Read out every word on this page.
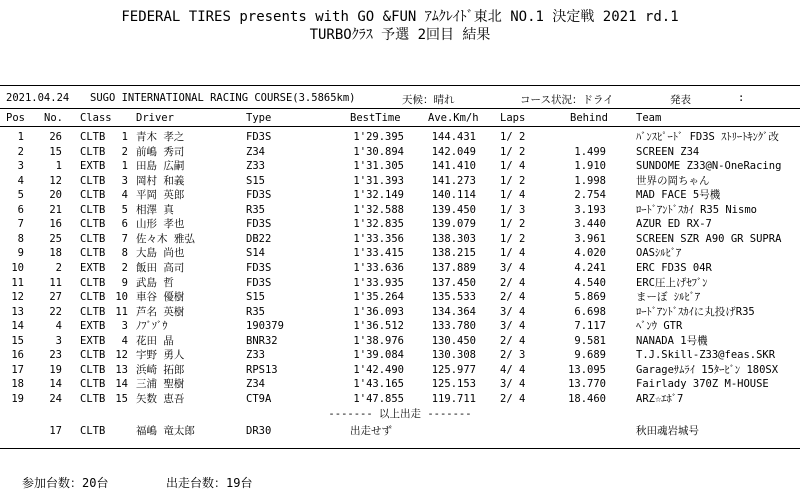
FEDERAL TIRES presents with GO &FUN ｱﾑｸﾚｲﾄﾞ東北 NO.1 決定戦 2021 rd.1
TURBOｸﾗｽ 予選 2回目 結果
2021.04.24 SUGO INTERNATIONAL RACING COURSE(3.5865km)	天候：晴れ	コース状況：ドライ	発表	:
Pos No. Class Driver	Type	BestTime	Ave.Km/h Laps	Behind	Team
1	26 CLTB	1 青木 孝之	FD3S	1'29.395	144.431 1/ 2	ﾊﾞﾝｽﾋﾟｰﾄﾞ FD3S ｽﾄﾘｰﾄｷﾝｸﾞ改
2	15 CLTB	2 前嶋 秀司	Z34	1'30.894	142.049 1/ 2	1.499	SCREEN Z34
3	1 EXTB	1 田島 広嗣	Z33	1'31.305	141.410 1/ 4	1.910	SUNDOME Z33@N-OneRacing
4	12 CLTB	3 岡村 和義	S15	1'31.393	141.273 1/ 2	1.998	世界の岡ちゃん
5	20 CLTB	4 平岡 英郎	FD3S	1'32.149	140.114 1/ 4	2.754	MAD FACE 5号機
6	21 CLTB	5 相澤 真	R35	1'32.588	139.450 1/ 3	3.193	ﾛｰﾄﾞｱﾝﾄﾞｽｶｲ R35 Nismo
7	16 CLTB	6 山形 孝也	FD3S	1'32.835	139.079 1/ 2	3.440	AZUR ED RX-7
8	25 CLTB	7 佐々木 雅弘	DB22	1'33.356	138.303 1/ 2	3.961	SCREEN SZR A90 GR SUPRA
9	18 CLTB	8 大島 尚也	S14	1'33.415	138.215 1/ 4	4.020	OASｼﾙﾋﾞｱ
10	2 EXTB	2 飯田 高司	FD3S	1'33.636	137.889 3/ 4	4.241	ERC FD3S 04R
11	11 CLTB	9 武島 哲	FD3S	1'33.935	137.450 2/ 4	4.540	ERC圧上げｾﾌﾞﾝ
12	27 CLTB 10 車谷 優樹	S15	1'35.264	135.533 2/ 4	5.869	まーぼ ｼﾙﾋﾞｱ
13	22 CLTB 11 芦名 英樹	R35	1'36.093	134.364 3/ 4	6.698	ﾛｰﾄﾞｱﾝﾄﾞｽｶｲに丸投げR35
14	4 EXTB	3 ﾉﾌﾞｿﾞｳ	190379	1'36.512	133.780 3/ 4	7.117	ﾍﾞﾝｳ GTR
15	3 EXTB	4 花田 晶	BNR32	1'38.976	130.450 2/ 4	9.581	NANADA 1号機
16	23 CLTB 12 宇野 勇人	Z33	1'39.084	130.308 2/ 3	9.689	T.J.Skill-Z33@feas.SKR
17	19 CLTB 13 浜崎 拓郎	RPS13	1'42.490	125.977 4/ 4	13.095	Garageｻﾑﾗｲ 15ﾀｰﾋﾞﾝ 180SX
18	14 CLTB 14 三浦 聖樹	Z34	1'43.165	125.153 3/ 4	13.770	Fairlady 370Z M-HOUSE
19	24 CLTB 15 矢数 恵吾	CT9A	1'47.855	119.711 2/ 4	18.460	ARZ☆ｴﾎﾞ7
------- 以上出走 -------
17 CLTB	福嶋 竜太郎	DR30	出走せず	秋田魂岩城号
参加台数：20台	出走台数：19台
